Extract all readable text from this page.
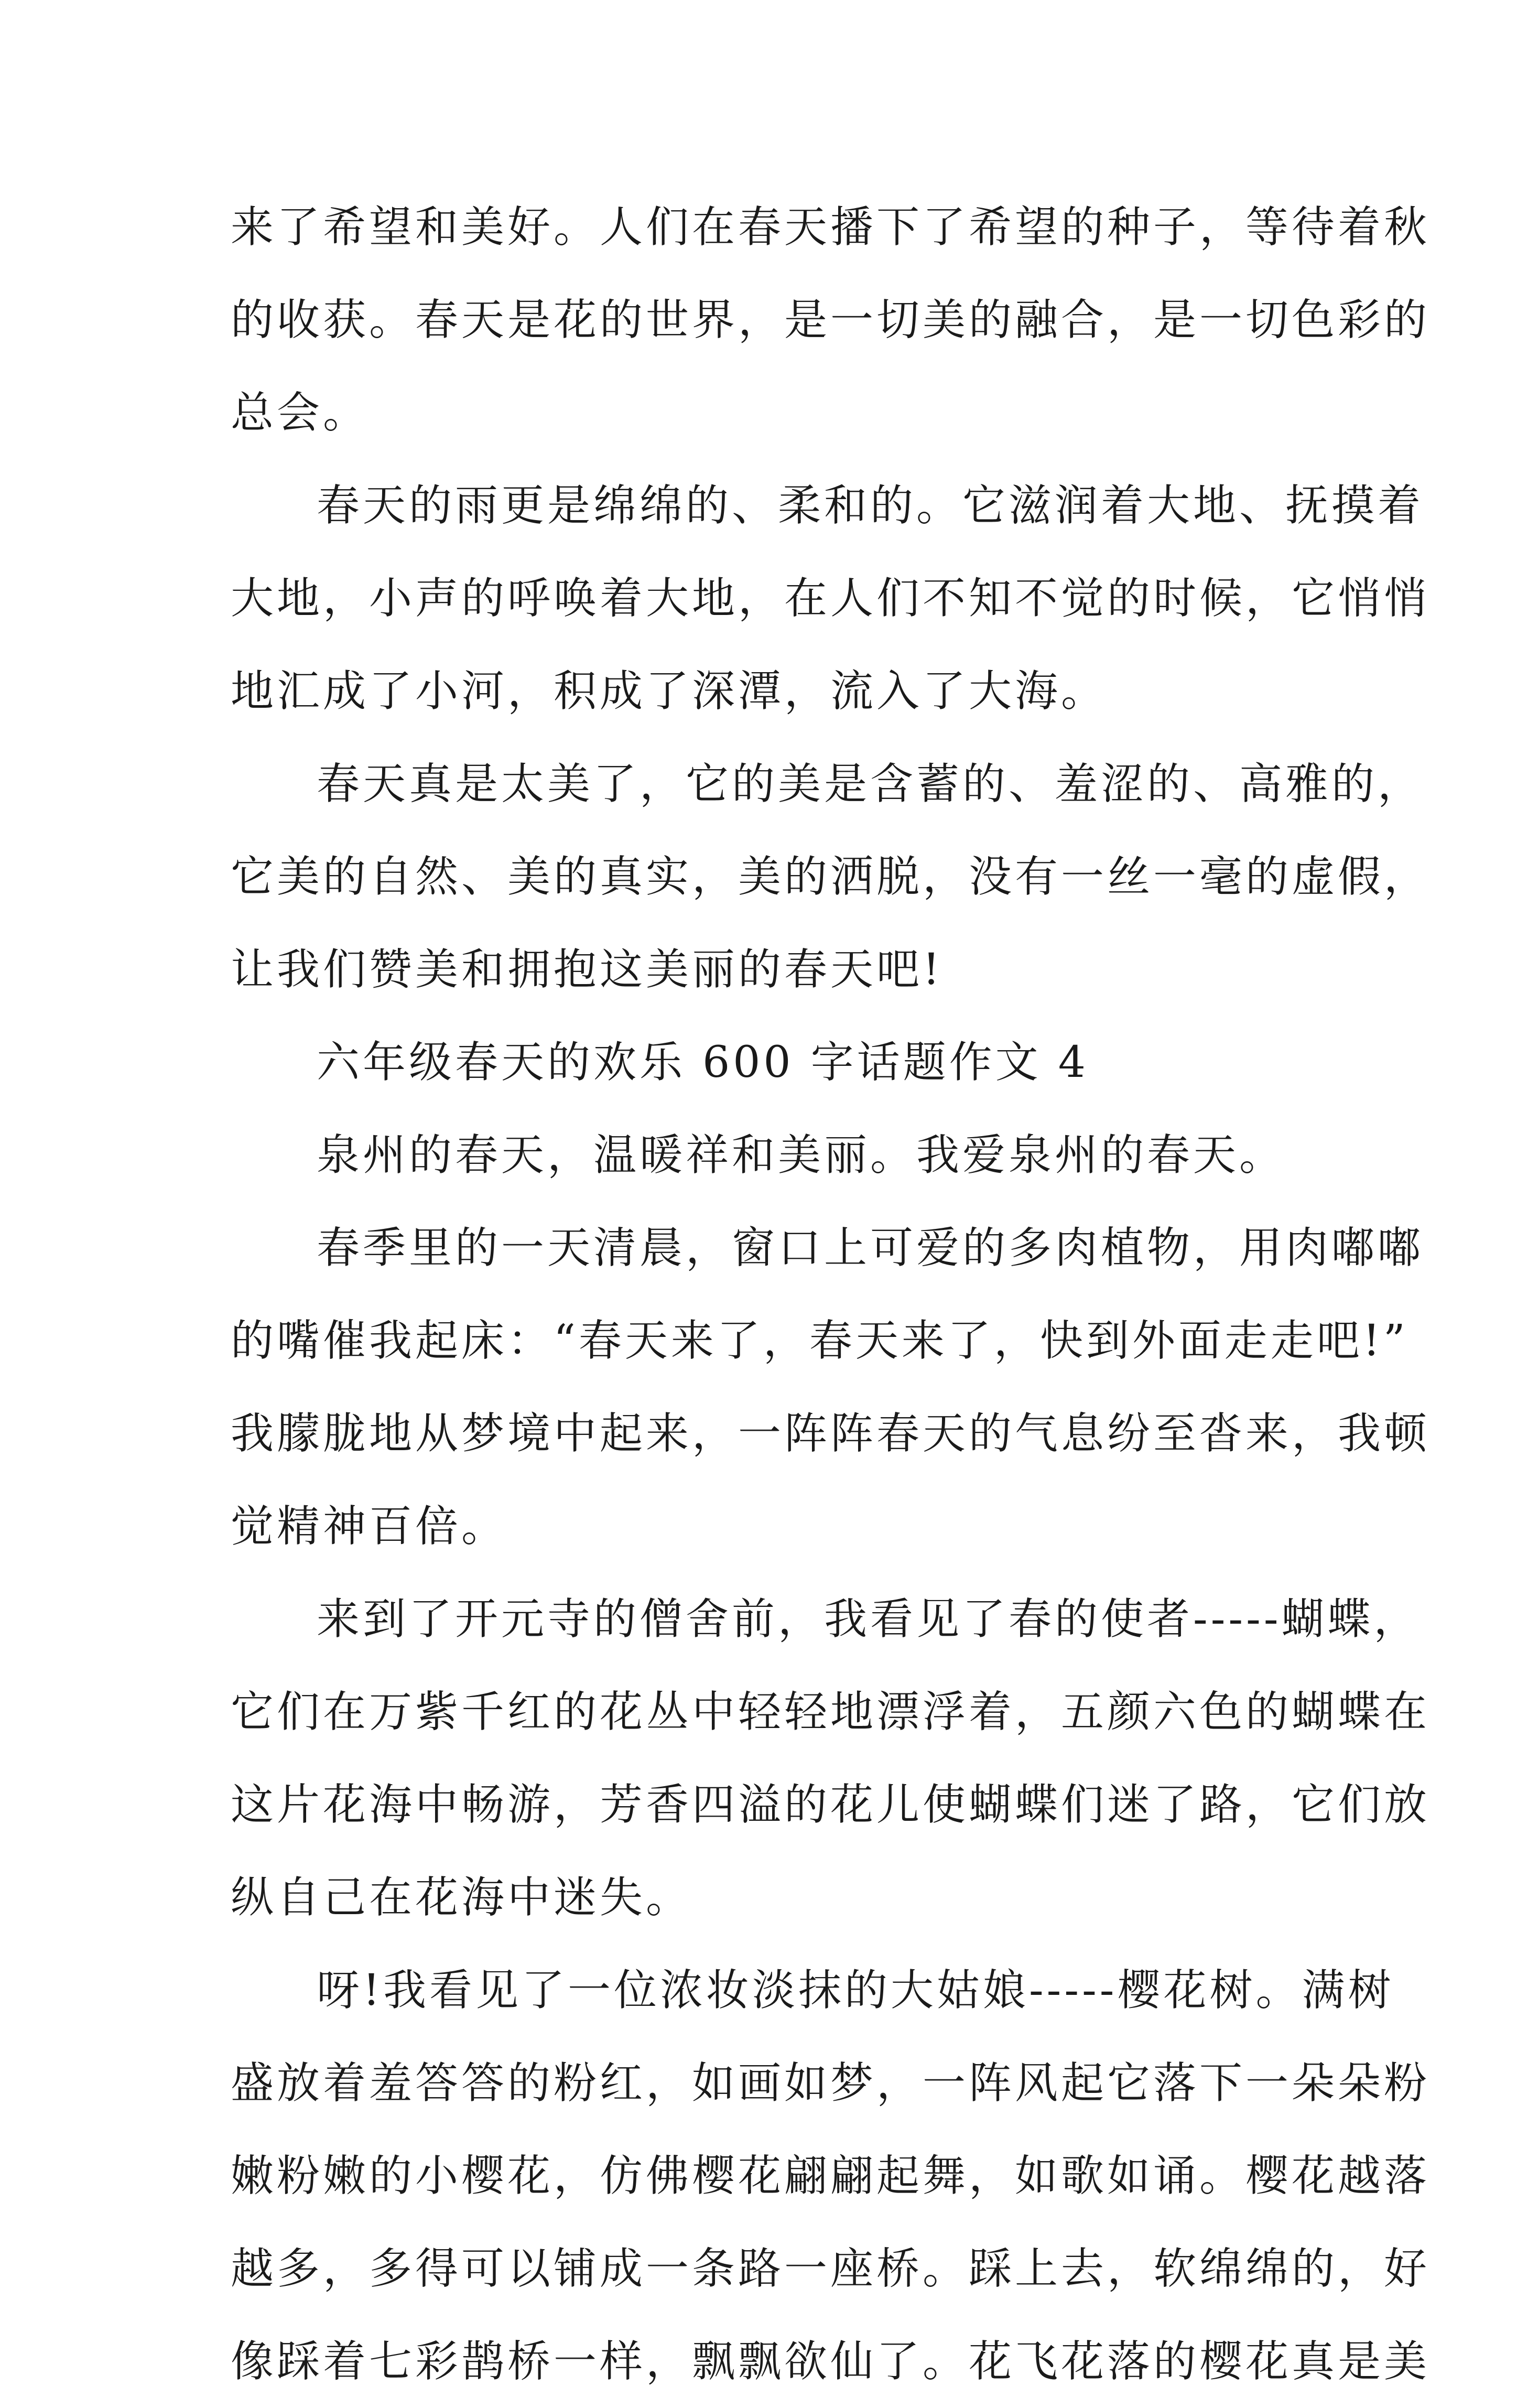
来了希望和美好。人们在春天播下了希望的种子，等待着秋
的收获。春天是花的世界，是一切美的融合，是一切色彩的
总会。
春天的雨更是绵绵的、柔和的。它滋润着大地、抚摸着
大地，小声的呼唤着大地，在人们不知不觉的时候，它悄悄
地汇成了小河，积成了深潭，流入了大海。
春天真是太美了，它的美是含蓄的、羞涩的、高雅的，
它美的自然、美的真实，美的洒脱，没有一丝一毫的虚假，
让我们赞美和拥抱这美丽的春天吧!
六年级春天的欢乐 600 字话题作文 4
泉州的春天，温暖祥和美丽。我爱泉州的春天。
春季里的一天清晨，窗口上可爱的多肉植物，用肉嘟嘟
的嘴催我起床：“春天来了，春天来了，快到外面走走吧!”
我朦胧地从梦境中起来，一阵阵春天的气息纷至沓来，我顿
觉精神百倍。
来到了开元寺的僧舍前，我看见了春的使者-----蝴蝶，
它们在万紫千红的花丛中轻轻地漂浮着，五颜六色的蝴蝶在
这片花海中畅游，芳香四溢的花儿使蝴蝶们迷了路，它们放
纵自己在花海中迷失。
呀!我看见了一位浓妆淡抹的大姑娘-----樱花树。满树
盛放着羞答答的粉红，如画如梦，一阵风起它落下一朵朵粉
嫩粉嫩的小樱花，仿佛樱花翩翩起舞，如歌如诵。樱花越落
越多，多得可以铺成一条路一座桥。踩上去，软绵绵的，好
像踩着七彩鹊桥一样，飘飘欲仙了。花飞花落的樱花真是美
